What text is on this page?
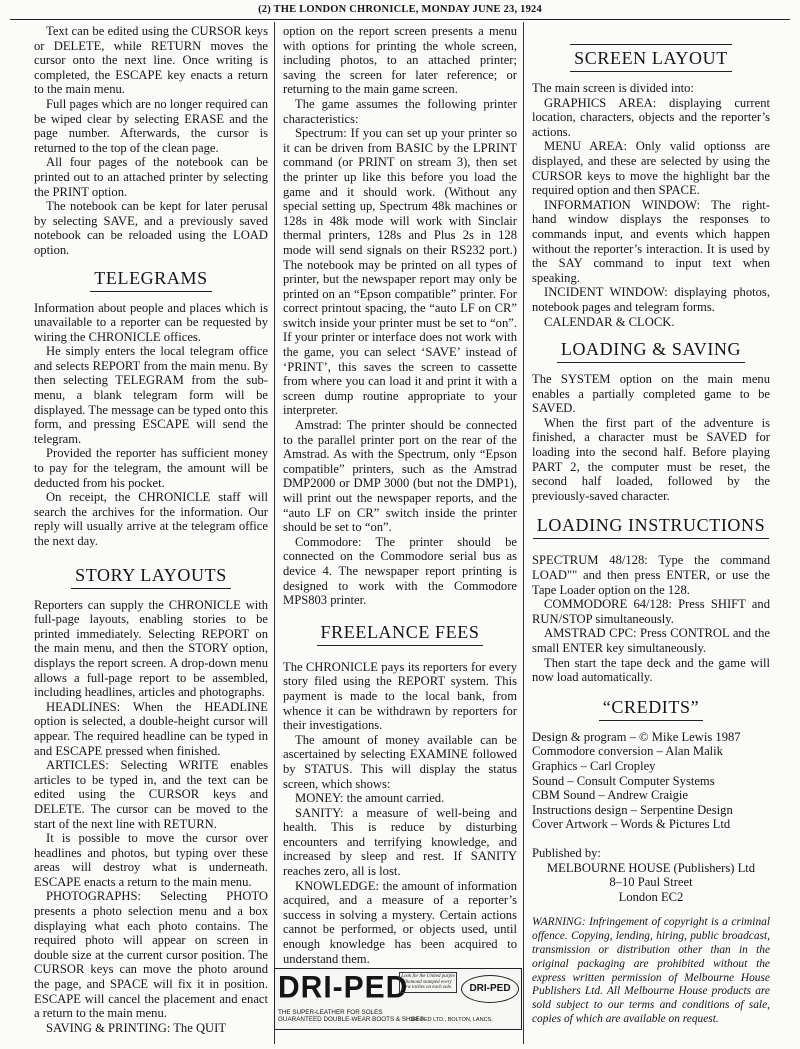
(2) THE LONDON CHRONICLE, MONDAY JUNE 23, 1924

Text can be edited using the CURSOR keys or DELETE, while RETURN moves the cursor onto the next line. Once writing is completed, the ESCAPE key enacts a return to the main menu.

Full pages which are no longer required can be wiped clear by selecting ERASE and the page number. Afterwards, the cursor is returned to the top of the clean page.

All four pages of the notebook can be printed out to an attached printer by selecting the PRINT option.

The notebook can be kept for later perusal by selecting SAVE, and a previously saved notebook can be reloaded using the LOAD option.

TELEGRAMS

Information about people and places which is unavailable to a reporter can be requested by wiring the CHRONICLE offices.

He simply enters the local telegram office and selects REPORT from the main menu. By then selecting TELEGRAM from the sub-menu, a blank telegram form will be displayed. The message can be typed onto this form, and pressing ESCAPE will send the telegram.

Provided the reporter has sufficient money to pay for the telegram, the amount will be deducted from his pocket.

On receipt, the CHRONICLE staff will search the archives for the information. Our reply will usually arrive at the telegram office the next day.

STORY LAYOUTS

Reporters can supply the CHRONICLE with full-page layouts, enabling stories to be printed immediately. Selecting REPORT on the main menu, and then the STORY option, displays the report screen. A drop-down menu allows a full-page report to be assembled, including headlines, articles and photographs.

HEADLINES: When the HEADLINE option is selected, a double-height cursor will appear. The required headline can be typed in and ESCAPE pressed when finished.

ARTICLES: Selecting WRITE enables articles to be typed in, and the text can be edited using the CURSOR keys and DELETE. The cursor can be moved to the start of the next line with RETURN.

It is possible to move the cursor over headlines and photos, but typing over these areas will destroy what is underneath. ESCAPE enacts a return to the main menu.

PHOTOGRAPHS: Selecting PHOTO presents a photo selection menu and a box displaying what each photo contains. The required photo will appear on screen in double size at the current cursor position. The CURSOR keys can move the photo around the page, and SPACE will fix it in position. ESCAPE will cancel the placement and enact a return to the main menu.

SAVING & PRINTING: The QUIT

option on the report screen presents a menu with options for printing the whole screen, including photos, to an attached printer; saving the screen for later reference; or returning to the main game screen.

The game assumes the following printer characteristics:

Spectrum: If you can set up your printer so it can be driven from BASIC by the LPRINT command (or PRINT on stream 3), then set the printer up like this before you load the game and it should work. (Without any special setting up, Spectrum 48k machines or 128s in 48k mode will work with Sinclair thermal printers, 128s and Plus 2s in 128 mode will send signals on their RS232 port.) The notebook may be printed on all types of printer, but the newspaper report may only be printed on an “Epson compatible” printer. For correct printout spacing, the “auto LF on CR” switch inside your printer must be set to “on”. If your printer or interface does not work with the game, you can select ‘SAVE’ instead of ‘PRINT’, this saves the screen to cassette from where you can load it and print it with a screen dump routine appropriate to your interpreter.

Amstrad: The printer should be connected to the parallel printer port on the rear of the Amstrad. As with the Spectrum, only “Epson compatible” printers, such as the Amstrad DMP2000 or DMP 3000 (but not the DMP1), will print out the newspaper reports, and the “auto LF on CR” switch inside the printer should be set to “on”.

Commodore: The printer should be connected on the Commodore serial bus as device 4. The newspaper report printing is designed to work with the Commodore MPS803 printer.

FREELANCE FEES

The CHRONICLE pays its reporters for every story filed using the REPORT system. This payment is made to the local bank, from whence it can be withdrawn by reporters for their investigations.

The amount of money available can be ascertained by selecting EXAMINE followed by STATUS. This will display the status screen, which shows:

MONEY: the amount carried.

SANITY: a measure of well-being and health. This is reduce by disturbing encounters and terrifying knowledge, and increased by sleep and rest. If SANITY reaches zero, all is lost.

KNOWLEDGE: the amount of information acquired, and a measure of a reporter’s success in solving a mystery. Certain actions cannot be performed, or objects used, until enough knowledge has been acquired to understand them.

DRI-PED
THE SUPER-LEATHER FOR SOLES
GUARANTEED DOUBLE-WEAR BOOTS & SHOES
Look for the United purple diamond stamped every few inches on each sole.	DRI-PED
DRI-PED LTD., BOLTON, LANCS.
SCREEN LAYOUT

The main screen is divided into:

GRAPHICS AREA: displaying current location, characters, objects and the reporter’s actions.

MENU AREA: Only valid optionss are displayed, and these are selected by using the CURSOR keys to move the highlight bar the required option and then SPACE.

INFORMATION WINDOW: The right-hand window displays the responses to commands input, and events which happen without the reporter’s interaction. It is used by the SAY command to input text when speaking.

INCIDENT WINDOW: displaying photos, notebook pages and telegram forms.

CALENDAR & CLOCK.

LOADING & SAVING

The SYSTEM option on the main menu enables a partially completed game to be SAVED.

When the first part of the adventure is finished, a character must be SAVED for loading into the second half. Before playing PART 2, the computer must be reset, the second half loaded, followed by the previously-saved character.

LOADING INSTRUCTIONS

SPECTRUM 48/128: Type the command LOAD"" and then press ENTER, or use the Tape Loader option on the 128.

COMMODORE 64/128: Press SHIFT and RUN/STOP simultaneously.

AMSTRAD CPC: Press CONTROL and the small ENTER key simultaneously.

Then start the tape deck and the game will now load automatically.

“CREDITS”
Design & program – © Mike Lewis 1987
Commodore conversion – Alan Malik
Graphics – Carl Cropley
Sound – Consult Computer Systems
CBM Sound – Andrew Craigie
Instructions design – Serpentine Design
Cover Artwork – Words & Pictures Ltd
Published by:
MELBOURNE HOUSE (Publishers) Ltd
8–10 Paul Street
London EC2
WARNING: Infringement of copyright is a criminal offence. Copying, lending, hiring, public broadcast, transmission or distribution other than in the original packaging are prohibited without the express written permission of Melbourne House Publishers Ltd. All Melbourne House products are sold subject to our terms and conditions of sale, copies of which are available on request.
